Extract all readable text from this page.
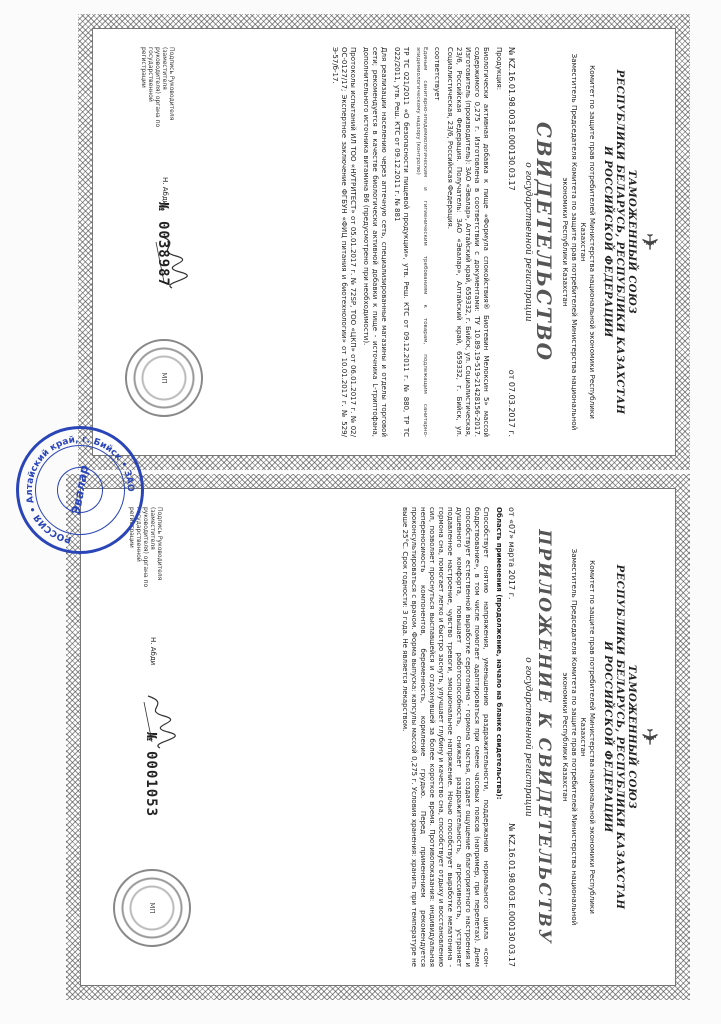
✈
ТАМОЖЕННЫЙ СОЮЗ
РЕСПУБЛИКИ БЕЛАРУСЬ, РЕСПУБЛИКИ КАЗАХСТАН
И РОССИЙСКОЙ ФЕДЕРАЦИИ
Комитет по защите прав потребителей Министерства национальной экономики Республики
Казахстан
Заместитель Председателя Комитета по защите прав потребителей Министерства национальной
экономики Республики Казахстан
СВИДЕТЕЛЬСТВО
о государственной регистрации
№ KZ.16.01.98.003.E.000130.03.17
от 07.03.2017 г.

Продукция:

Биологически активная добавка к пище «Формула спокойствия® Биотевин Мелоксин 5» массой содержимого 0,275 г. Изготовлена в соответствии с документами: ТУ 10.89.19-519-21428156-2017. Изготовитель (производитель): ЗАО «Эвалар», Алтайский край, 659332, г. Бийск, ул. Социалистическая, 23/6, Российская Федерация. Получатель: ЗАО «Эвалар», Алтайский край, 659332, г. Бийск, ул. Социалистическая, 23/6, Российская Федерация.

соответствует

Единым санитарно-эпидемиологическим и гигиеническим требованиям к товарам, подлежащим санитарно-эпидемиологическому надзору (контролю)

ТР ТС 021/2011 «О безопасности пищевой продукции», утв. Реш. КТС от 09.12.2011 г. № 880, ТР ТС 022/2011, утв. Реш. КТС от 09.12.2011 г. № 881

Для реализации населению через аптечную сеть, специализированные магазины и отделы торговой сети; рекомендуется в качестве биологически активной добавки к пище - источника L-триптофана, дополнительного источника витамина B6 (предусмотрено при необходимости).

Протоколы испытаний ИЛ ТОО «НУТРИТЕСТ» от 05.01.2017 г. № 72SP, ТОО «ЦКП» от 06.01.2017 г. № 02/ОС-0127/17; Экспертное заключение ФГБУН «ФИЦ питания и биотехнологии» от 10.01.2017 г. № 529/Э-57/б-17.

Подпись Руководителя (заместителя руководителя) органа по государственной регистрации
Н. Абди
№ 0038987
МП
✈
ТАМОЖЕННЫЙ СОЮЗ
РЕСПУБЛИКИ БЕЛАРУСЬ, РЕСПУБЛИКИ КАЗАХСТАН
И РОССИЙСКОЙ ФЕДЕРАЦИИ
Комитет по защите прав потребителей Министерства национальной экономики Республики
Казахстан
Заместитель Председателя Комитета по защите прав потребителей Министерства национальной
экономики Республики Казахстан
ПРИЛОЖЕНИЕ К СВИДЕТЕЛЬСТВУ
о государственной регистрации
от «07» марта 2017 г.
№ KZ.16.01.98.003.E.000130.03.17

Область применения (продолжение, начало на бланке свидетельства):

Способствует снятию напряжения, уменьшению раздражительности, поддержанию нормального цикла «сон-бодрствование», в том числе помогает адаптироваться при смене часовых поясов (например, при перелетах). Днем способствует естественной выработке серотонина - гормона счастья, создает ощущение благоприятного настроения и душевного комфорта, повышает работоспособность, снижает раздражительность, агрессивность, устраняет подавленное настроение, чувство тревоги, эмоциональное напряжение. Ночью способствует выработке мелатонина - гормона сна, помогает легко и быстро заснуть, улучшает глубину и качество сна, способствует отдыху и восстановлению сил, позволяет проснуться выспавшейся и отдохнувшей за более короткое время. Противопоказания: индивидуальная непереносимость компонентов, беременность, кормление грудью. Перед применением рекомендуется проконсультироваться с врачом. Форма выпуска: капсулы массой 0,275 г. Условия хранения: хранить при температуре не выше 25°С. Срок годности: 3 года. Не является лекарством.

Подпись Руководителя (заместителя руководителя) органа по государственной регистрации
Н. Абди
№ 0001053
МП
РОССИЯ • Алтайский край, г. Бийск • ЗАО
Эвалар
